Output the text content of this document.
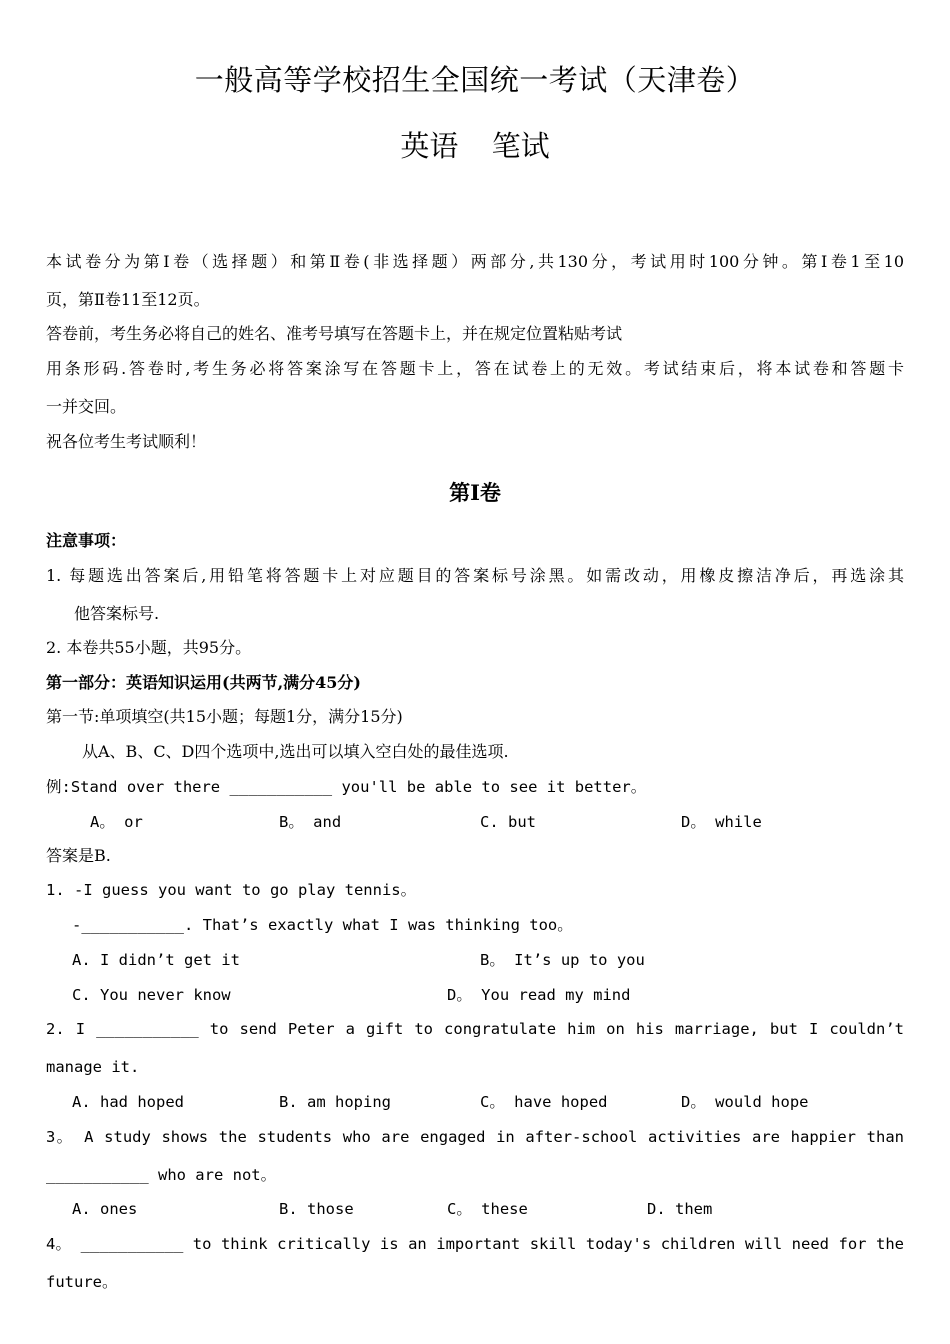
一般高等学校招生全国统一考试（天津卷）
英语 笔试
本试卷分为第Ⅰ卷（选择题）和第Ⅱ卷(非选择题）两部分,共130分，考试用时100分钟。第Ⅰ卷1至10
页，第Ⅱ卷11至12页。
答卷前，考生务必将自己的姓名、准考号填写在答题卡上，并在规定位置粘贴考试
用条形码.答卷时,考生务必将答案涂写在答题卡上，答在试卷上的无效。考试结束后，将本试卷和答题卡
一并交回。
祝各位考生考试顺利！
第Ⅰ卷
注意事项：
1. 每题选出答案后,用铅笔将答题卡上对应题目的答案标号涂黑。如需改动，用橡皮擦洁净后，再选涂其
他答案标号.
2. 本卷共55小题，共95分。
第一部分：英语知识运用(共两节,满分45分)
第一节:单项填空(共15小题；每题1分，满分15分)
从A、B、C、D四个选项中,选出可以填入空白处的最佳选项.
例:Stand over there ___________ you'll be able to see it better。
A。 or	B。 and	C. but	D。 while
答案是B.
1. -I guess you want to go play tennis。
-___________. That’s exactly what I was thinking too。
A. I didn’t get it	B。 It’s up to you
C. You never know	D。 You read my mind
2. I ___________ to send Peter a gift to congratulate him on his marriage, but I couldn’t
manage it.
A. had hoped	B. am hoping	C。 have hoped	D。 would hope
3。 A study shows the students who are engaged in after-school activities are happier than
___________ who are not。
A. ones	B. those	C。 these	D. them
4。 ___________ to think critically is an important skill today's children will need for the
future。
